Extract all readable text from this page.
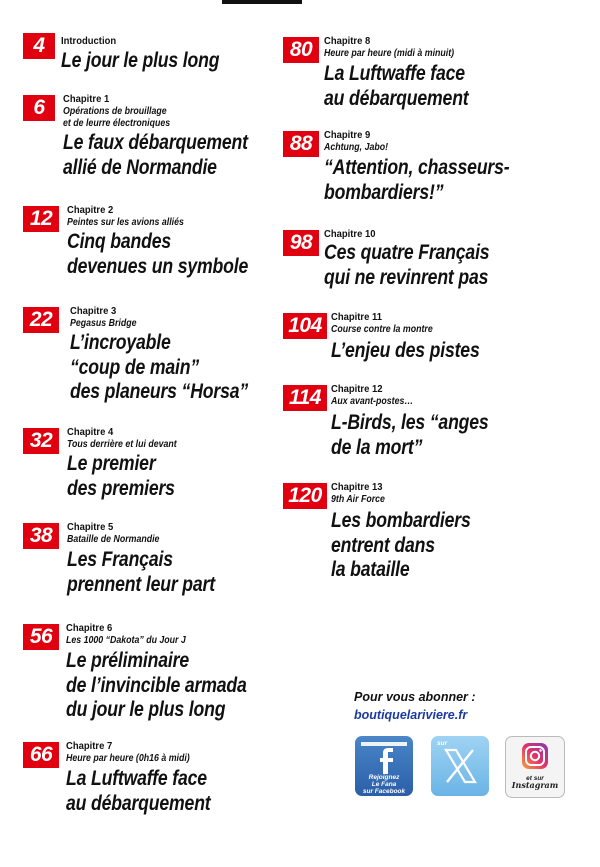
4	Introduction
Le jour le plus long
6	Chapitre 1
Opérations de brouillage
et de leurre électroniques
Le faux débarquement
allié de Normandie
12	Chapitre 2
Peintes sur les avions alliés
Cinq bandes
devenues un symbole
22	Chapitre 3
Pegasus Bridge
L’incroyable
“coup de main”
des planeurs “Horsa”
32	Chapitre 4
Tous derrière et lui devant
Le premier
des premiers
38	Chapitre 5
Bataille de Normandie
Les Français
prennent leur part
56	Chapitre 6
Les 1000 “Dakota” du Jour J
Le préliminaire
de l’invincible armada
du jour le plus long
66	Chapitre 7
Heure par heure (0h16 à midi)
La Luftwaffe face
au débarquement
80	Chapitre 8
Heure par heure (midi à minuit)
La Luftwaffe face
au débarquement
88	Chapitre 9
Achtung, Jabo!
“Attention, chasseurs-
bombardiers!”
98	Chapitre 10
Ces quatre Français
qui ne revinrent pas
104 Chapitre 11
Course contre la montre
L’enjeu des pistes
114 Chapitre 12
Aux avant-postes…
L-Birds, les “anges
de la mort”
120 Chapitre 13
9th Air Force
Les bombardiers
entrent dans
la bataille
Pour vous abonner :
boutiquelariviere.fr
Rejoignez
Le Fana
sur Facebook
sur
et sur
Instagram
